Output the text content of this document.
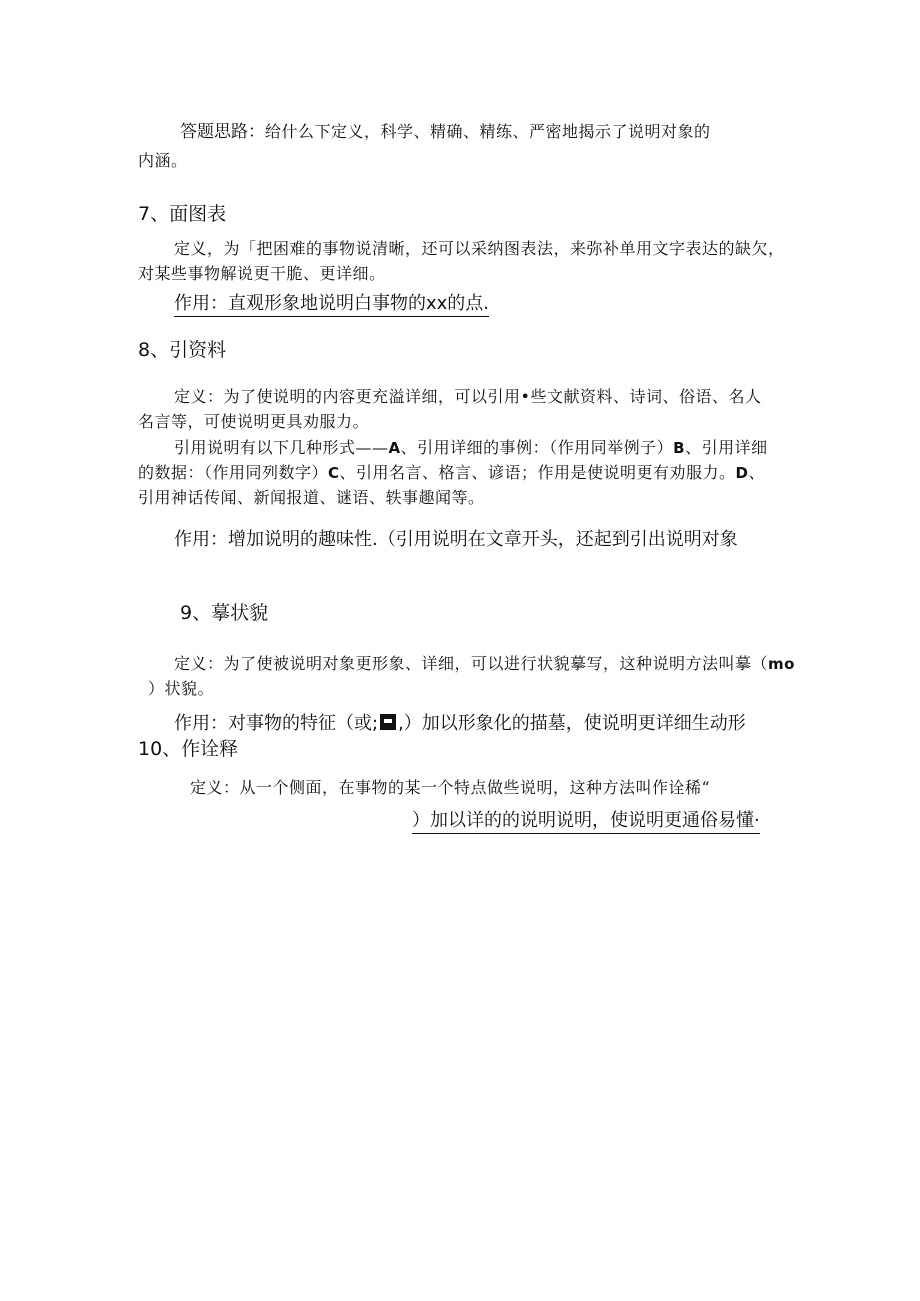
答题思路：给什么下定义，科学、精确、精练、严密地揭示了说明对象的
内涵。
7、面图表
定义，为「把困难的事物说清晰，还可以采纳图表法，来弥补单用文字表达的缺欠，
对某些事物解说更干脆、更详细。
作用：直观形象地说明白事物的xx的点.
8、引资料
定义：为了使说明的内容更充溢详细，可以引用•些文献资料、诗词、俗语、名人
名言等，可使说明更具劝服力。
引用说明有以下几种形式——A、引用详细的事例：（作用同举例子）B、引用详细
的数据：（作用同列数字）C、引用名言、格言、谚语；作用是使说明更有劝服力。D、
引用神话传闻、新闻报道、谜语、轶事趣闻等。
作用：增加说明的趣味性.（引用说明在文章开头，还起到引出说明对象
9、摹状貌
定义：为了使被说明对象更形象、详细，可以进行状貌摹写，这种说明方法叫摹（mo
）状貌。
作用：对事物的特征（或; ,）加以形象化的描墓，使说明更详细生动形
10、作诠释
定义：从一个侧面，在事物的某一个特点做些说明，这种方法叫作诠稀“
）加以详的的说明说明，使说明更通俗易懂·
